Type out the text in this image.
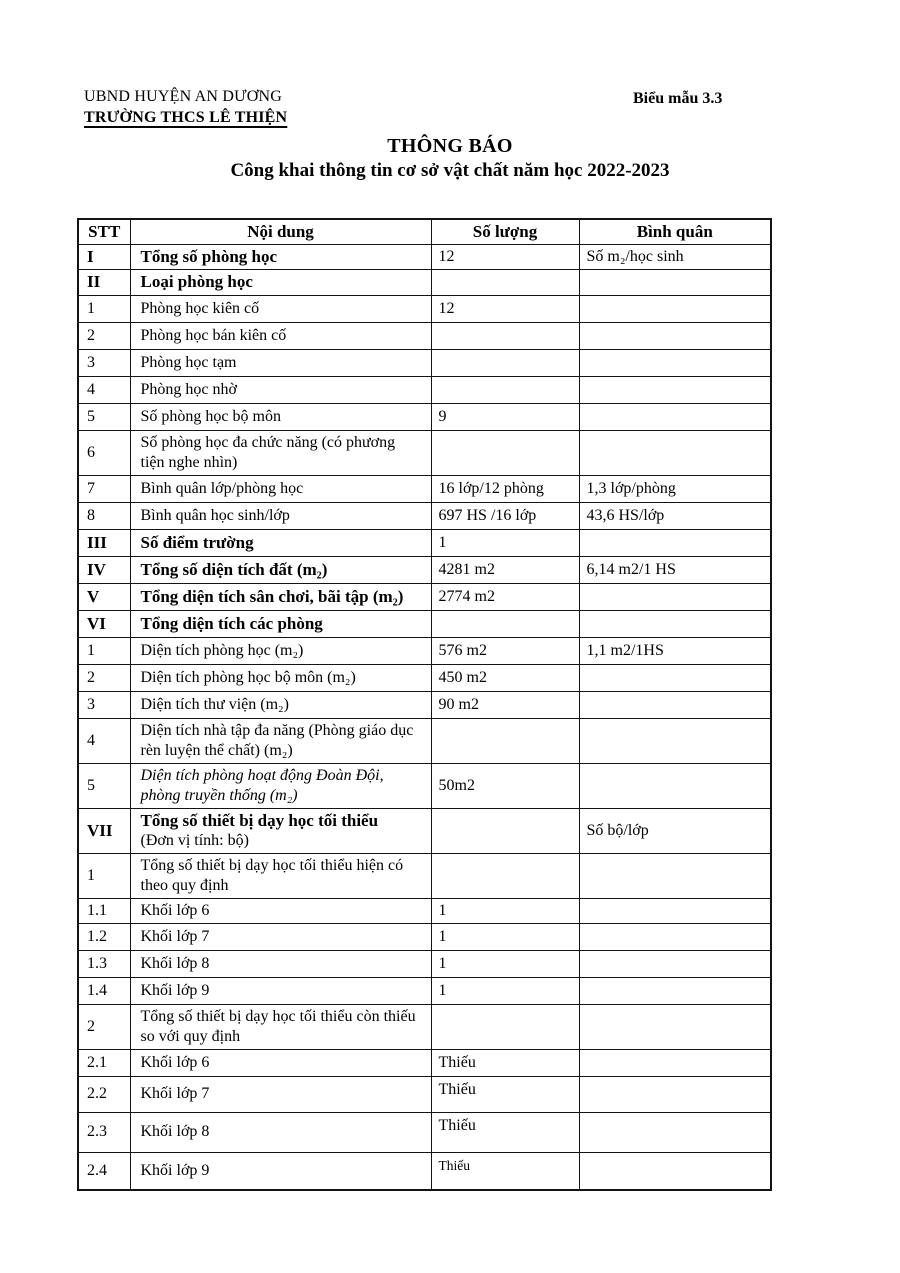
UBND HUYỆN AN DƯƠNG
TRƯỜNG THCS LÊ THIỆN
Biểu mẫu 3.3
THÔNG BÁO
Công khai thông tin cơ sở vật chất năm học 2022-2023
STT	Nội dung	Số lượng	Bình quân
I	Tổng số phòng học	12	Số m₂/học sinh
II	Loại phòng học		
1	Phòng học kiên cố	12	
2	Phòng học bán kiên cố		
3	Phòng học tạm		
4	Phòng học nhờ		
5	Số phòng học bộ môn	9	
6	Số phòng học đa chức năng (có phương tiện nghe nhìn)		
7	Bình quân lớp/phòng học	16 lớp/12 phòng	1,3 lớp/phòng
8	Bình quân học sinh/lớp	697 HS /16 lớp	43,6 HS/lớp
III	Số điểm trường	1	
IV	Tổng số diện tích đất (m₂)	4281 m2	6,14 m2/1 HS
V	Tổng diện tích sân chơi, bãi tập (m₂)	2774 m2	
VI	Tổng diện tích các phòng		
1	Diện tích phòng học (m₂)	576 m2	1,1 m2/1HS
2	Diện tích phòng học bộ môn (m₂)	450 m2	
3	Diện tích thư viện (m₂)	90 m2	
4	Diện tích nhà tập đa năng (Phòng giáo dục rèn luyện thể chất) (m₂)		
5	Diện tích phòng hoạt động Đoàn Đội, phòng truyền thống (m₂)	50m2	
VII	Tổng số thiết bị dạy học tối thiểu
(Đơn vị tính: bộ)		Số bộ/lớp
1	Tổng số thiết bị dạy học tối thiểu hiện có theo quy định		
1.1	Khối lớp 6	1	
1.2	Khối lớp 7	1	
1.3	Khối lớp 8	1	
1.4	Khối lớp 9	1	
2	Tổng số thiết bị dạy học tối thiểu còn thiếu so với quy định		
2.1	Khối lớp 6	Thiếu	
2.2	Khối lớp 7	Thiếu	
2.3	Khối lớp 8	Thiếu	
2.4	Khối lớp 9	Thiếu	
